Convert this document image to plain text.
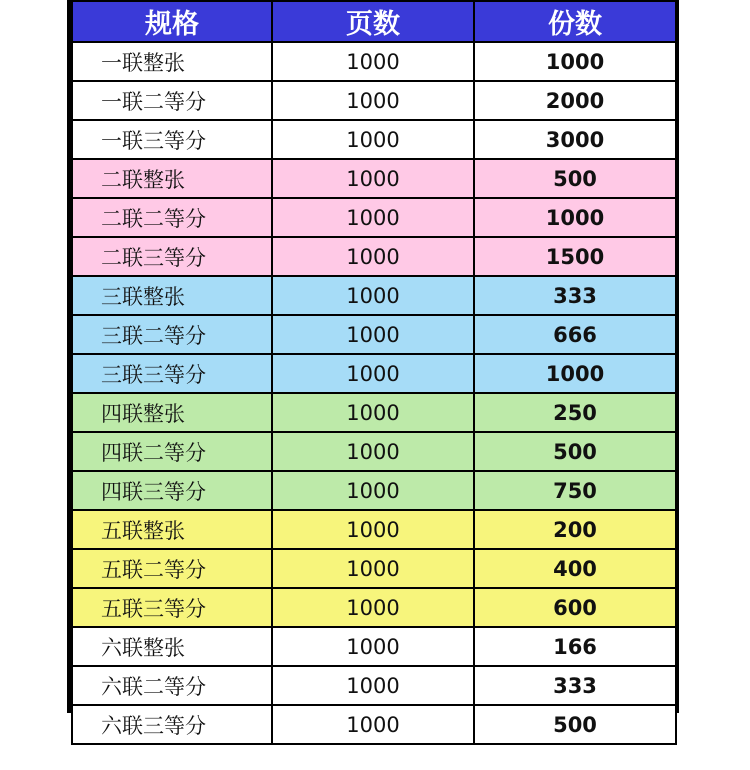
规格	页数	份数
一联整张	1000	1000
一联二等分	1000	2000
一联三等分	1000	3000
二联整张	1000	500
二联二等分	1000	1000
二联三等分	1000	1500
三联整张	1000	333
三联二等分	1000	666
三联三等分	1000	1000
四联整张	1000	250
四联二等分	1000	500
四联三等分	1000	750
五联整张	1000	200
五联二等分	1000	400
五联三等分	1000	600
六联整张	1000	166
六联二等分	1000	333
六联三等分	1000	500
